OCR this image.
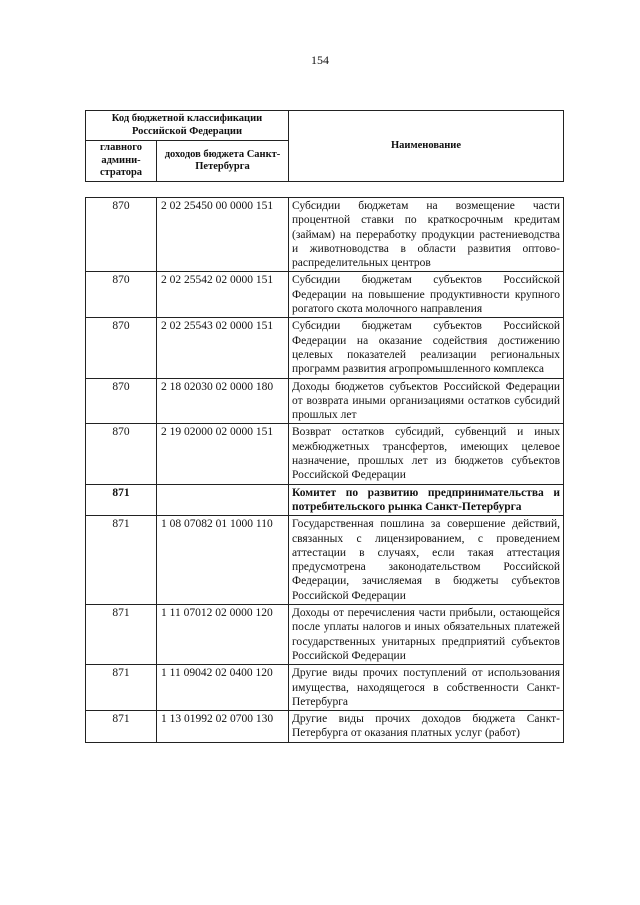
154
Код бюджетной классификации Российской Федерации		Наименование
главного админи-стратора	доходов бюджета Санкт-Петербурга	
870	2 02 25450 00 0000 151	Субсидии бюджетам на возмещение части процентной ставки по краткосрочным кредитам (займам) на переработку продукции растениеводства и животноводства в области развития оптово-распределительных центров
870	2 02 25542 02 0000 151	Субсидии бюджетам субъектов Российской Федерации на повышение продуктивности крупного рогатого скота молочного направления
870	2 02 25543 02 0000 151	Субсидии бюджетам субъектов Российской Федерации на оказание содействия достижению целевых показателей реализации региональных программ развития агропромышленного комплекса
870	2 18 02030 02 0000 180	Доходы бюджетов субъектов Российской Федерации от возврата иными организациями остатков субсидий прошлых лет
870	2 19 02000 02 0000 151	Возврат остатков субсидий, субвенций и иных межбюджетных трансфертов, имеющих целевое назначение, прошлых лет из бюджетов субъектов Российской Федерации
871		Комитет по развитию предпринимательства и потребительского рынка Санкт-Петербурга
871	1 08 07082 01 1000 110	Государственная пошлина за совершение действий, связанных с лицензированием, с проведением аттестации в случаях, если такая аттестация предусмотрена законодательством Российской Федерации, зачисляемая в бюджеты субъектов Российской Федерации
871	1 11 07012 02 0000 120	Доходы от перечисления части прибыли, остающейся после уплаты налогов и иных обязательных платежей государственных унитарных предприятий субъектов Российской Федерации
871	1 11 09042 02 0400 120	Другие виды прочих поступлений от использования имущества, находящегося в собственности Санкт-Петербурга
871	1 13 01992 02 0700 130	Другие виды прочих доходов бюджета Санкт-Петербурга от оказания платных услуг (работ)
